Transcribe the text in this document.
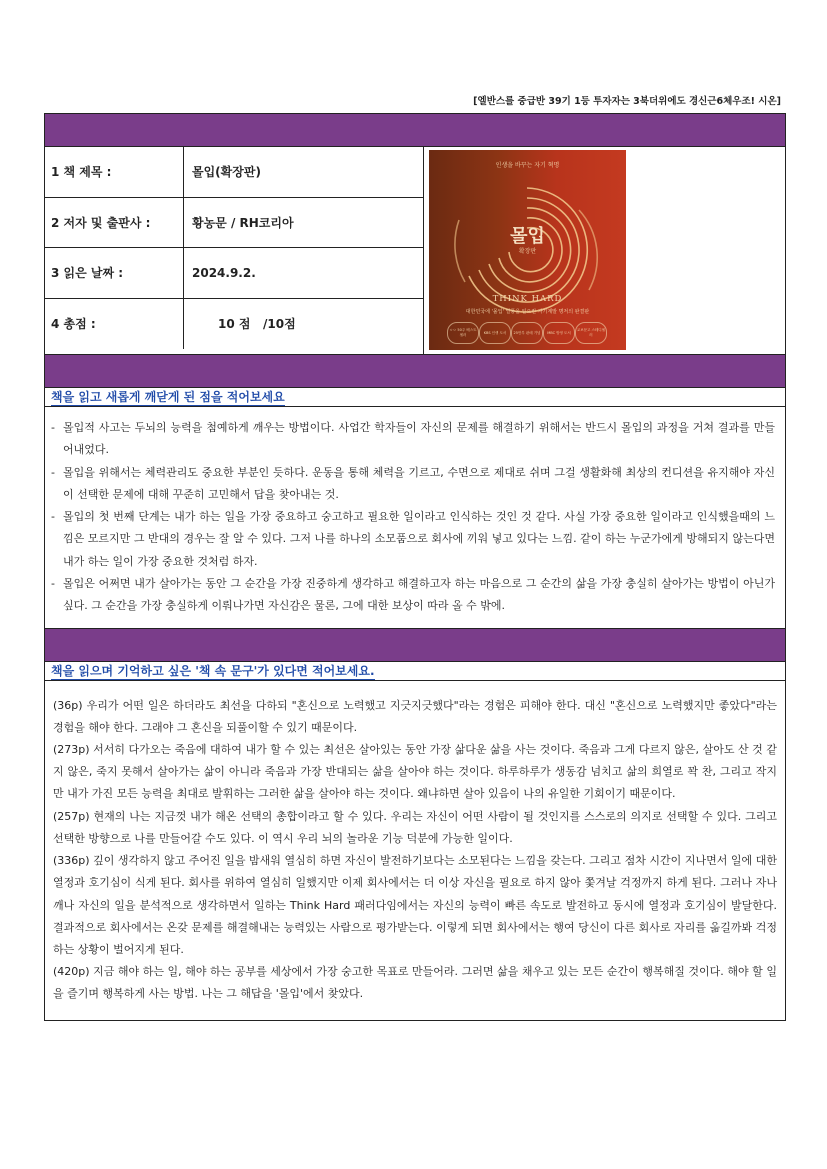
[엘반스를 중급반 39기 1등 투자자는 3북더위에도 경신근6체우조! 시온]
1 책 제목 :	몰입(확장판)
2 저자 및 출판사 :	황농문 / RH코리아
3 읽은 날짜 :	2024.9.2.
4 총점 :	10 점   /10점
인생을 바꾸는 자기 혁명
몰입
확장판
THINK HARD
대한민국에 '몰입' 열풍을 일으킨 자기계발 명저의 완결판
ㅇㅇ 50주 베스트셀러
KBS 인생 도서	25만부 판매 기념	MBC 방영 도서
교보문고 스테디셀러
책을 읽고 새롭게 깨닫게 된 점을 적어보세요
- 몰입적 사고는 두뇌의 능력을 첨예하게 깨우는 방법이다. 사업간 학자들이 자신의 문제를 해결하기 위해서는 반드시 몰입의 과정을 거쳐 결과를 만들어내었다.
- 몰입을 위해서는 체력관리도 중요한 부분인 듯하다. 운동을 통해 체력을 기르고, 수면으로 제대로 쉬며 그걸 생활화해 최상의 컨디션을 유지해야 자신이 선택한 문제에 대해 꾸준히 고민해서 답을 찾아내는 것.
- 몰입의 첫 번째 단계는 내가 하는 일을 가장 중요하고 숭고하고 필요한 일이라고 인식하는 것인 것 같다. 사실 가장 중요한 일이라고 인식했을때의 느낌은 모르지만 그 반대의 경우는 잘 알 수 있다. 그저 나를 하나의 소모품으로 회사에 끼워 넣고 있다는 느낌. 같이 하는 누군가에게 방해되지 않는다면 내가 하는 일이 가장 중요한 것처럼 하자.
- 몰입은 어쩌면 내가 살아가는 동안 그 순간을 가장 진중하게 생각하고 해결하고자 하는 마음으로 그 순간의 삶을 가장 충실히 살아가는 방법이 아닌가 싶다. 그 순간을 가장 충실하게 이뤄나가면 자신감은 물론, 그에 대한 보상이 따라 올 수 밖에.
책을 읽으며 기억하고 싶은 '책 속 문구'가 있다면 적어보세요.

(36p) 우리가 어떤 일은 하더라도 최선을 다하되 "혼신으로 노력했고 지긋지긋했다"라는 경험은 피해야 한다. 대신 "혼신으로 노력했지만 좋았다"라는 경험을 해야 한다. 그래야 그 혼신을 되풀이할 수 있기 때문이다.

(273p) 서서히 다가오는 죽음에 대하여 내가 할 수 있는 최선은 살아있는 동안 가장 삶다운 삶을 사는 것이다. 죽음과 그게 다르지 않은, 살아도 산 것 같지 않은, 죽지 못해서 살아가는 삶이 아니라 죽음과 가장 반대되는 삶을 살아야 하는 것이다. 하루하루가 생동감 넘치고 삶의 희열로 꽉 찬, 그리고 작지만 내가 가진 모든 능력을 최대로 발휘하는 그러한 삶을 살아야 하는 것이다. 왜냐하면 살아 있음이 나의 유일한 기회이기 때문이다.

(257p) 현재의 나는 지금껏 내가 해온 선택의 총합이라고 할 수 있다. 우리는 자신이 어떤 사람이 될 것인지를 스스로의 의지로 선택할 수 있다. 그리고 선택한 방향으로 나를 만들어갈 수도 있다. 이 역시 우리 뇌의 놀라운 기능 덕분에 가능한 일이다.

(336p) 깊이 생각하지 않고 주어진 일을 밤새워 열심히 하면 자신이 발전하기보다는 소모된다는 느낌을 갖는다. 그리고 점차 시간이 지나면서 일에 대한 열정과 호기심이 식게 된다. 회사를 위하여 열심히 일했지만 이제 회사에서는 더 이상 자신을 필요로 하지 않아 쫓겨날 걱정까지 하게 된다. 그러나 자나 깨나 자신의 일을 분석적으로 생각하면서 일하는 Think Hard 패러다임에서는 자신의 능력이 빠른 속도로 발전하고 동시에 열정과 호기심이 발달한다. 결과적으로 회사에서는 온갖 문제를 해결해내는 능력있는 사람으로 평가받는다. 이렇게 되면 회사에서는 행여 당신이 다른 회사로 자리를 옮길까봐 걱정하는 상황이 벌어지게 된다.

(420p) 지금 해야 하는 일, 해야 하는 공부를 세상에서 가장 숭고한 목표로 만들어라. 그러면 삶을 채우고 있는 모든 순간이 행복해질 것이다. 해야 할 일을 즐기며 행복하게 사는 방법. 나는 그 해답을 '몰입'에서 찾았다.
